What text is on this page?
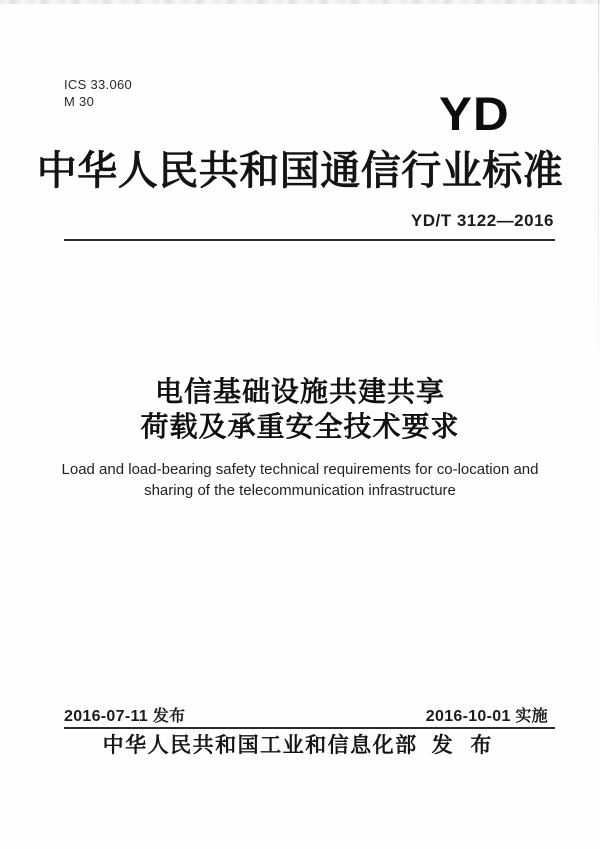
ICS 33.060
M 30	YD
中华人民共和国通信行业标准
YD/T 3122—2016
电信基础设施共建共享
荷载及承重安全技术要求
Load and load-bearing safety technical requirements for co-location and
sharing of the telecommunication infrastructure
2016-07-11 发布	2016-10-01 实施
中华人民共和国工业和信息化部 发 布
